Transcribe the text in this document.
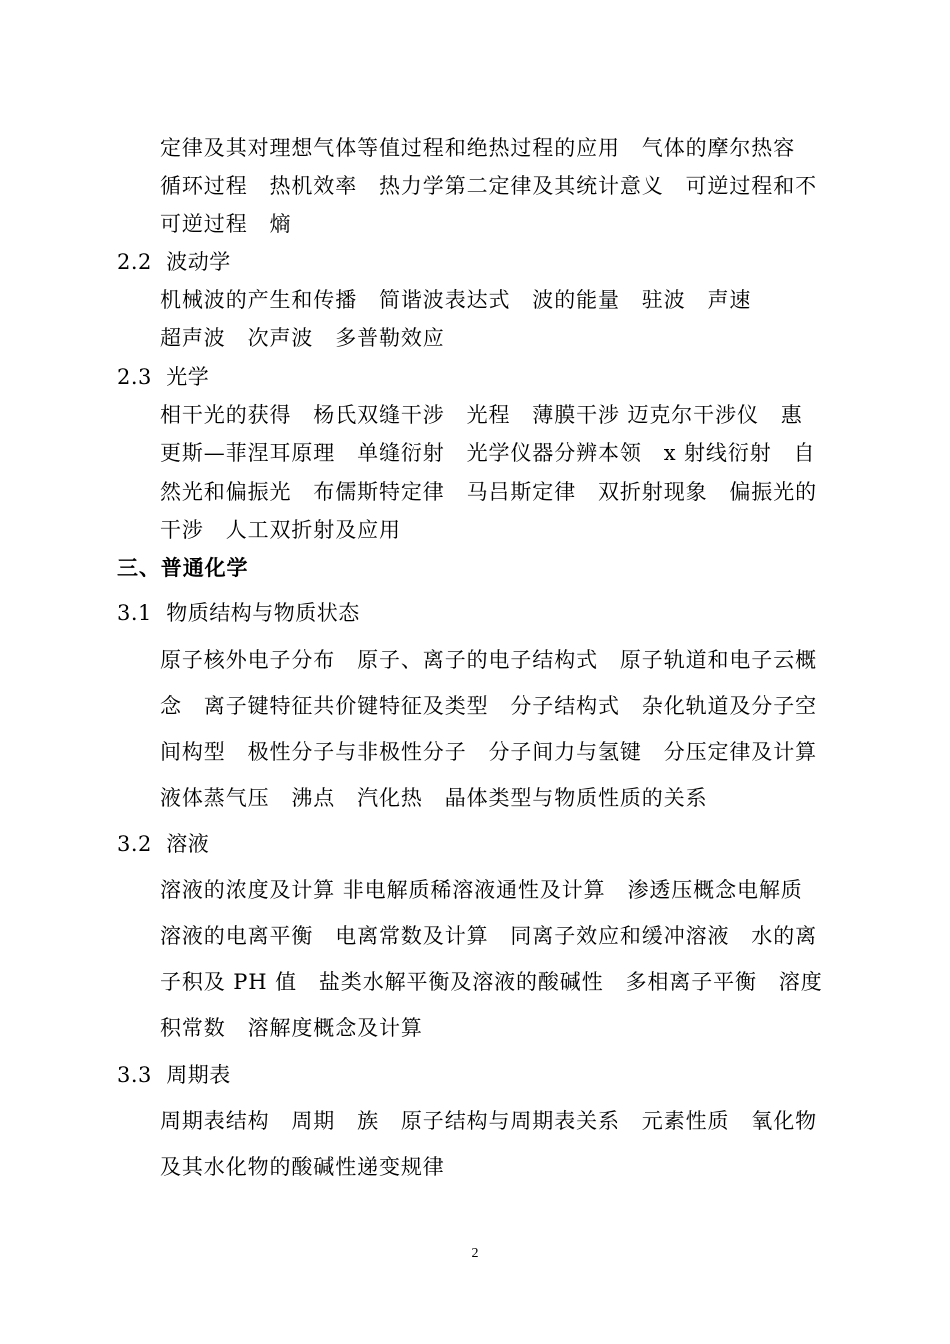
定律及其对理想气体等值过程和绝热过程的应用　气体的摩尔热容
循环过程　热机效率　热力学第二定律及其统计意义　可逆过程和不
可逆过程　熵
2.2  波动学
机械波的产生和传播　简谐波表达式　波的能量　驻波　声速
超声波　次声波　多普勒效应
2.3  光学
相干光的获得　杨氏双缝干涉　光程　薄膜干涉 迈克尔干涉仪　惠
更斯—菲涅耳原理　单缝衍射　光学仪器分辨本领　x 射线衍射　自
然光和偏振光　布儒斯特定律　马吕斯定律　双折射现象　偏振光的
干涉　人工双折射及应用
三、普通化学
3.1  物质结构与物质状态
原子核外电子分布　原子、离子的电子结构式　原子轨道和电子云概
念　离子键特征共价键特征及类型　分子结构式　杂化轨道及分子空
间构型　极性分子与非极性分子　分子间力与氢键　分压定律及计算
液体蒸气压　沸点　汽化热　晶体类型与物质性质的关系
3.2  溶液
溶液的浓度及计算 非电解质稀溶液通性及计算　渗透压概念电解质
溶液的电离平衡　电离常数及计算　同离子效应和缓冲溶液　水的离
子积及 PH 值　盐类水解平衡及溶液的酸碱性　多相离子平衡　溶度
积常数　溶解度概念及计算
3.3  周期表
周期表结构　周期　族　原子结构与周期表关系　元素性质　氧化物
及其水化物的酸碱性递变规律
2
